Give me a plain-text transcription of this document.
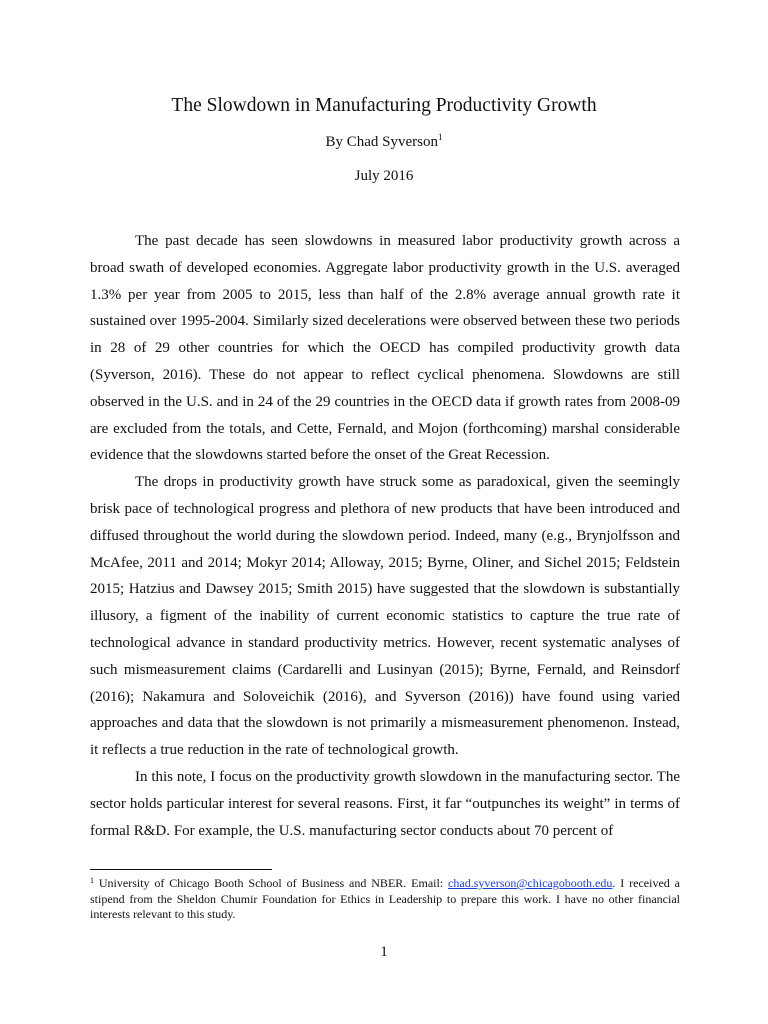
The Slowdown in Manufacturing Productivity Growth
By Chad Syverson$^1$
July 2016

The past decade has seen slowdowns in measured labor productivity growth across a broad swath of developed economies. Aggregate labor productivity growth in the U.S. averaged 1.3% per year from 2005 to 2015, less than half of the 2.8% average annual growth rate it sustained over 1995-2004. Similarly sized decelerations were observed between these two periods in 28 of 29 other countries for which the OECD has compiled productivity growth data (Syverson, 2016). These do not appear to reflect cyclical phenomena. Slowdowns are still observed in the U.S. and in 24 of the 29 countries in the OECD data if growth rates from 2008-09 are excluded from the totals, and Cette, Fernald, and Mojon (forthcoming) marshal considerable evidence that the slowdowns started before the onset of the Great Recession.

The drops in productivity growth have struck some as paradoxical, given the seemingly brisk pace of technological progress and plethora of new products that have been introduced and diffused throughout the world during the slowdown period. Indeed, many (e.g., Brynjolfsson and McAfee, 2011 and 2014; Mokyr 2014; Alloway, 2015; Byrne, Oliner, and Sichel 2015; Feldstein 2015; Hatzius and Dawsey 2015; Smith 2015) have suggested that the slowdown is substantially illusory, a figment of the inability of current economic statistics to capture the true rate of technological advance in standard productivity metrics. However, recent systematic analyses of such mismeasurement claims (Cardarelli and Lusinyan (2015); Byrne, Fernald, and Reinsdorf (2016); Nakamura and Soloveichik (2016), and Syverson (2016)) have found using varied approaches and data that the slowdown is not primarily a mismeasurement phenomenon. Instead, it reflects a true reduction in the rate of technological growth.

In this note, I focus on the productivity growth slowdown in the manufacturing sector. The sector holds particular interest for several reasons. First, it far “outpunches its weight” in terms of formal R&D. For example, the U.S. manufacturing sector conducts about 70 percent of

$^1$ University of Chicago Booth School of Business and NBER. Email: chad.syverson@chicagobooth.edu. I received a stipend from the Sheldon Chumir Foundation for Ethics in Leadership to prepare this work. I have no other financial interests relevant to this study.
1
